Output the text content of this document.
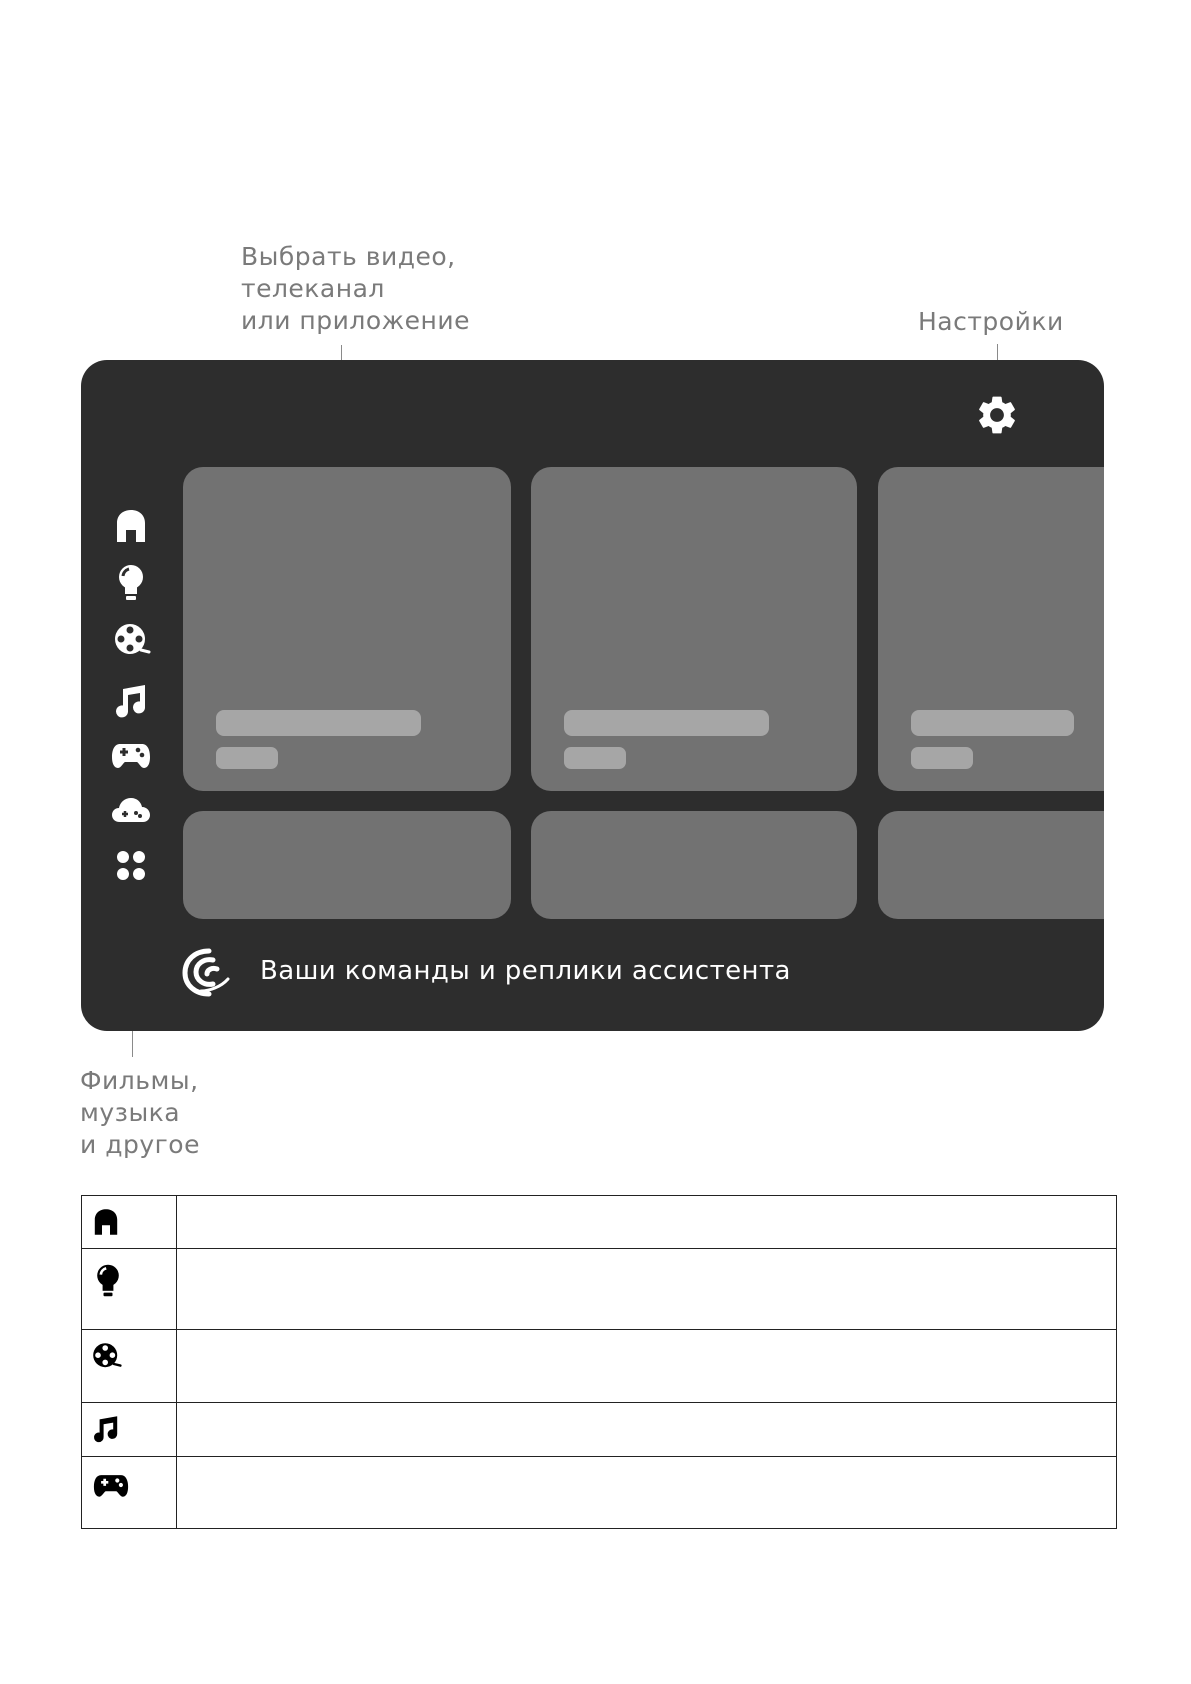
Выбрать видео,
телеканал
или приложение	Настройки
Фильмы,
музыка
и другое
Ваши команды и реплики ассистента
